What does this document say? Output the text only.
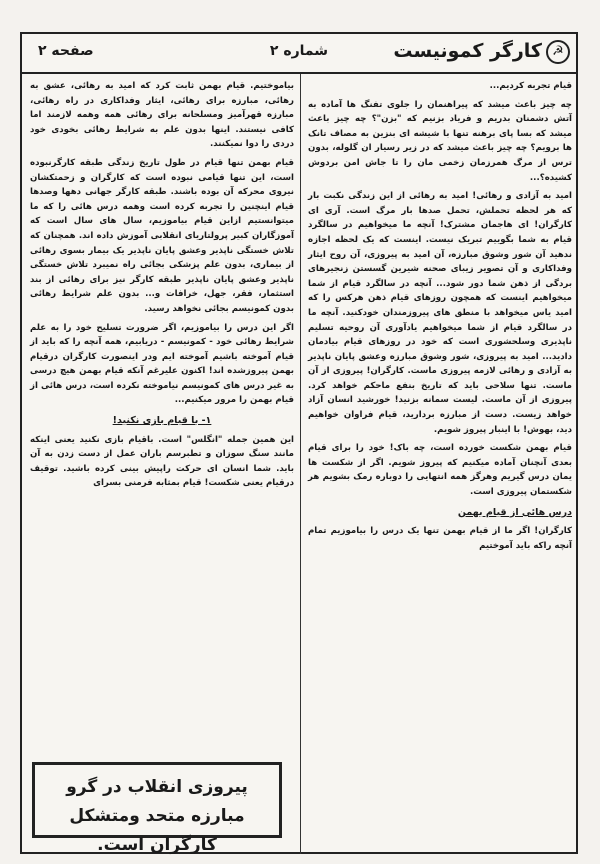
☭
کارگر کمونیست
شماره ۲
صفحه ۲

قیام تجربه کردیم...

چه چیز باعث میشد که پیراهنمان را جلوی تفنگ ها آماده به آتش دشمنان بدریم و فریاد بزنیم که "بزن"؟ چه چیز باعث میشد که بسا پای برهنه تنها با شیشه ای بنزین به مصاف تانک ها برویم؟ چه چیز باعث میشد که در زیر رسیار ان گلوله، بدون ترس از مرگ همرزمان زخمی مان را تا جاش امن بردوش کشیده؟...

امید به آزادی و رهائی! امید به رهائی از این زندگی نکبت بار که هر لحظه تحملش، تحمل صدها بار مرگ است. آری ای کارگران! ای هاجمان مشترک! آنچه ما میخواهیم در سالگرد قیام به شما بگوییم تبریک نیست. اینست که یک لحظه اجازه ندهید آن شور وشوق مبارزه، آن امید به پیروزی، آن روح ایثار وفداکاری و آن تصویر زیبای صحنه شیرین گسستن زنجیرهای بردگی از ذهن شما دور شود... آنچه در سالگرد قیام از شما میخواهیم اینست که همچون روزهای قیام ذهن هرکس را که امید یاس میخواهد با منطق های پیروزمندان خودکنید. آنچه ما در سالگرد قیام از شما میخواهیم یادآوری آن روحیه تسلیم ناپذیری وسلحشوری است که خود در روزهای قیام بیادمان دادید... امید به پیروزی، شور وشوق مبارزه وعشق پایان ناپذیر به آزادی و رهائی لازمه پیروزی ماست. کارگران! پیروزی از آن ماست. تنها سلاحی باید که تاریخ بنفع ماحکم خواهد کرد. پیروزی از آن ماست. لیست سمانه بزنید! خورشید انسان آزاد خواهد زیست. دست از مبارزه بردارید، قیام فراوان خواهیم دید، بهوش! با اینبار پیروز شویم.

قیام بهمن شکست خورده است، چه باک! خود را برای قیام بعدی آنچنان آماده میکنیم که پیروز شویم. اگر از شکست ها یمان درس گیریم وهرگز همه انتهایی را دوباره رمک بشویم هر شکستمان پیروزی است.

درس هائی از قیام بهمن

کارگران! اگر ما از قیام بهمن تنها یک درس را بیاموزیم تمام آنچه راکه باید آموختیم

بیاموختیم. قیام بهمن ثابت کرد که امید به رهائی، عشق به رهائی، مبارزه برای رهائی، ایثار وفداکاری در راه رهائی، مبارزه قهرآمیز ومسلحانه برای رهائی همه وهمه لازمند اما کافی نیستند. اینها بدون علم به شرایط رهائی بخودی خود دردی را دوا نمیکنند.

قیام بهمن تنها قیام در طول تاریخ زندگی طبقه کارگرنبوده است، این تنها قیامی نبوده است که کارگران و زحمتکشان نیروی محرکه آن بوده باشند. طبقه کارگر جهانی دهها وصدها قیام اینچنین را تجربه کرده است وهمه درس هائی را که ما میتوانستیم ازاین قیام بیاموزیم، سال های سال است که آموزگاران کبیر پرولتاریای انقلابی آموزش داده اند. همچنان که تلاش خستگی ناپذیر وعشق پایان ناپذیر یک بیمار بسوی رهائی از بیماری، بدون علم پزشکی بجائی راه نمیبرد تلاش خستگی ناپذیر وعشق پایان ناپذیر طبقه کارگر نیز برای رهائی از بند استثمار، فقر، جهل، خرافات و... بدون علم شرایط رهائی بدون کمونیسم بجائی نخواهد رسید.

اگر این درس را بیاموزیم، اگر ضرورت تسلیح خود را به علم شرایط رهائی خود - کمونیسم - دریابیم، همه آنچه را که باید از قیام آموخته باشیم آموخته ایم ودر اینصورت کارگران درقیام بهمن پیروزشده اند! اکنون علیرغم آنکه قیام بهمن هیچ درسی به غیر درس های کمونیسم نیاموخته نکرده است، درس هائی از قیام بهمن را مرور میکنیم...

۱- با قیام بازی نکنید!

این همین جمله "انگلس" است. باقیام بازی نکنید یعنی اینکه مانند سنگ سوزان و تطبرسم باران عمل از دست زدن به آن باید. شما انسان ای حرکت راپیش بینی کرده باشید. توقیف درقیام یعنی شکست! قیام بمثابه فرمنی بسرای

پیروزی انقلاب در گرو
مبارزه متحد ومتشکل کارگران است.
